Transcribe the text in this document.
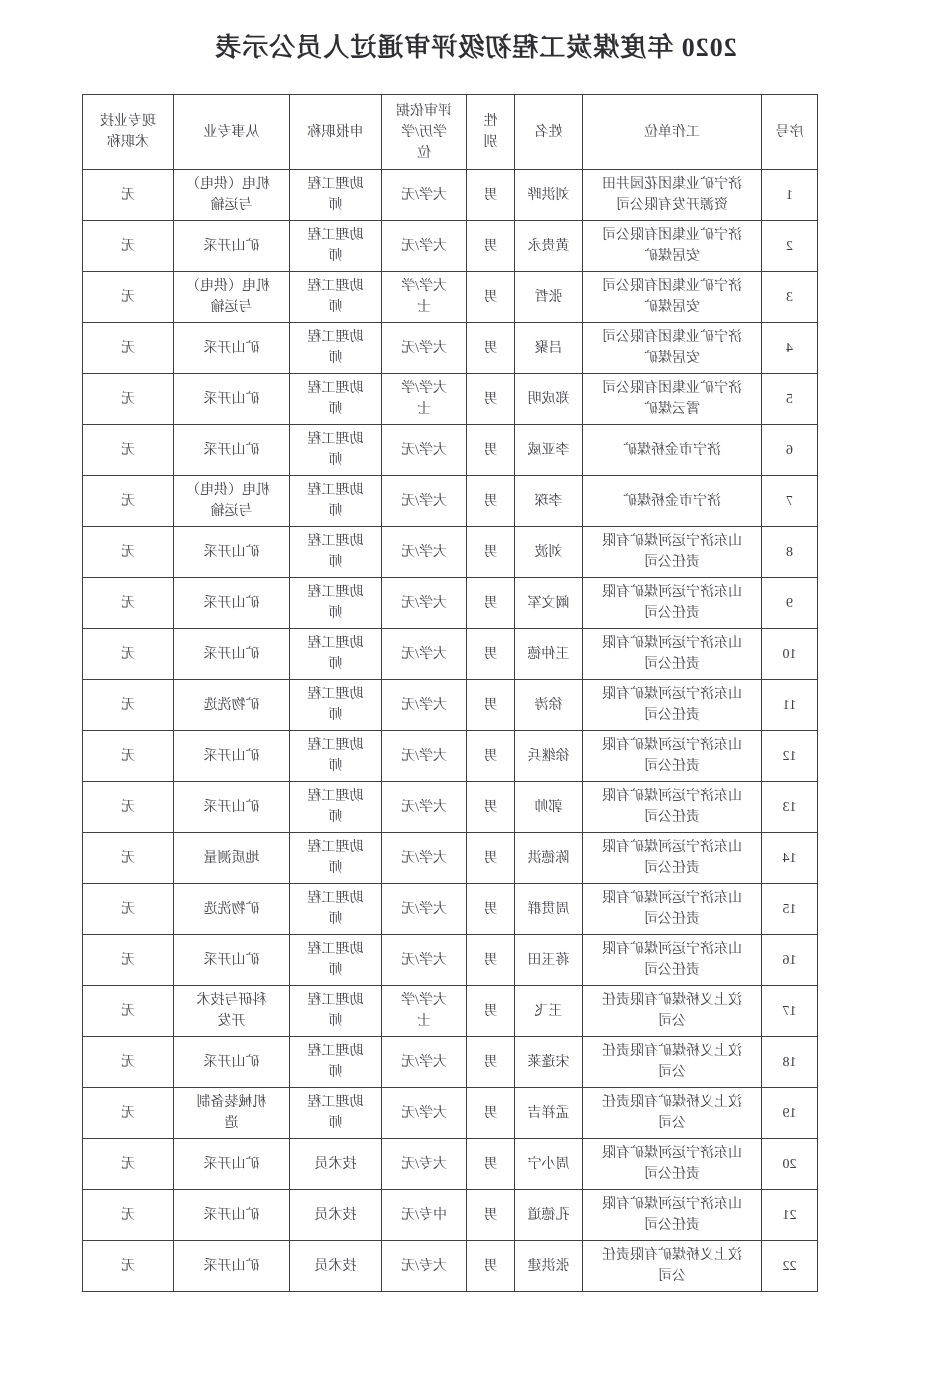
2020 年度煤炭工程初级评审通过人员公示表
序号	工作单位	姓名	性别	评审依据学历/学位	申报职称	从事专业	现专业技术职称
1	济宁矿业集团花园井田资源开发有限公司	刘洪晔	男	大学/无	助理工程师	机电（供电）与运输	无
2	济宁矿业集团有限公司安居煤矿	黄贵永	男	大学/无	助理工程师	矿山开采	无
3	济宁矿业集团有限公司安居煤矿	张哲	男	大学/学士	助理工程师	机电（供电）与运输	无
4	济宁矿业集团有限公司安居煤矿	吕聚	男	大学/无	助理工程师	矿山开采	无
5	济宁矿业集团有限公司霄云煤矿	郑成明	男	大学/学士	助理工程师	矿山开采	无
6	济宁市金桥煤矿	李亚威	男	大学/无	助理工程师	矿山开采	无
7	济宁市金桥煤矿	李琛	男	大学/无	助理工程师	机电（供电）与运输	无
8	山东济宁运河煤矿有限责任公司	刘波	男	大学/无	助理工程师	矿山开采	无
9	山东济宁运河煤矿有限责任公司	阚文军	男	大学/无	助理工程师	矿山开采	无
10	山东济宁运河煤矿有限责任公司	王仲德	男	大学/无	助理工程师	矿山开采	无
11	山东济宁运河煤矿有限责任公司	徐涛	男	大学/无	助理工程师	矿物洗选	无
12	山东济宁运河煤矿有限责任公司	徐继兵	男	大学/无	助理工程师	矿山开采	无
13	山东济宁运河煤矿有限责任公司	郭帅	男	大学/无	助理工程师	矿山开采	无
14	山东济宁运河煤矿有限责任公司	陈德洪	男	大学/无	助理工程师	地质测量	无
15	山东济宁运河煤矿有限责任公司	周贯群	男	大学/无	助理工程师	矿物洗选	无
16	山东济宁运河煤矿有限责任公司	蒋玉田	男	大学/无	助理工程师	矿山开采	无
17	汶上义桥煤矿有限责任公司	王飞	男	大学/学士	助理工程师	科研与技术开发	无
18	汶上义桥煤矿有限责任公司	宋蓬莱	男	大学/无	助理工程师	矿山开采	无
19	汶上义桥煤矿有限责任公司	孟祥吉	男	大学/无	助理工程师	机械装备制造	无
20	山东济宁运河煤矿有限责任公司	周小宁	男	大专/无	技术员	矿山开采	无
21	山东济宁运河煤矿有限责任公司	孔德道	男	中专/无	技术员	矿山开采	无
22	汶上义桥煤矿有限责任公司	张洪建	男	大专/无	技术员	矿山开采	无
